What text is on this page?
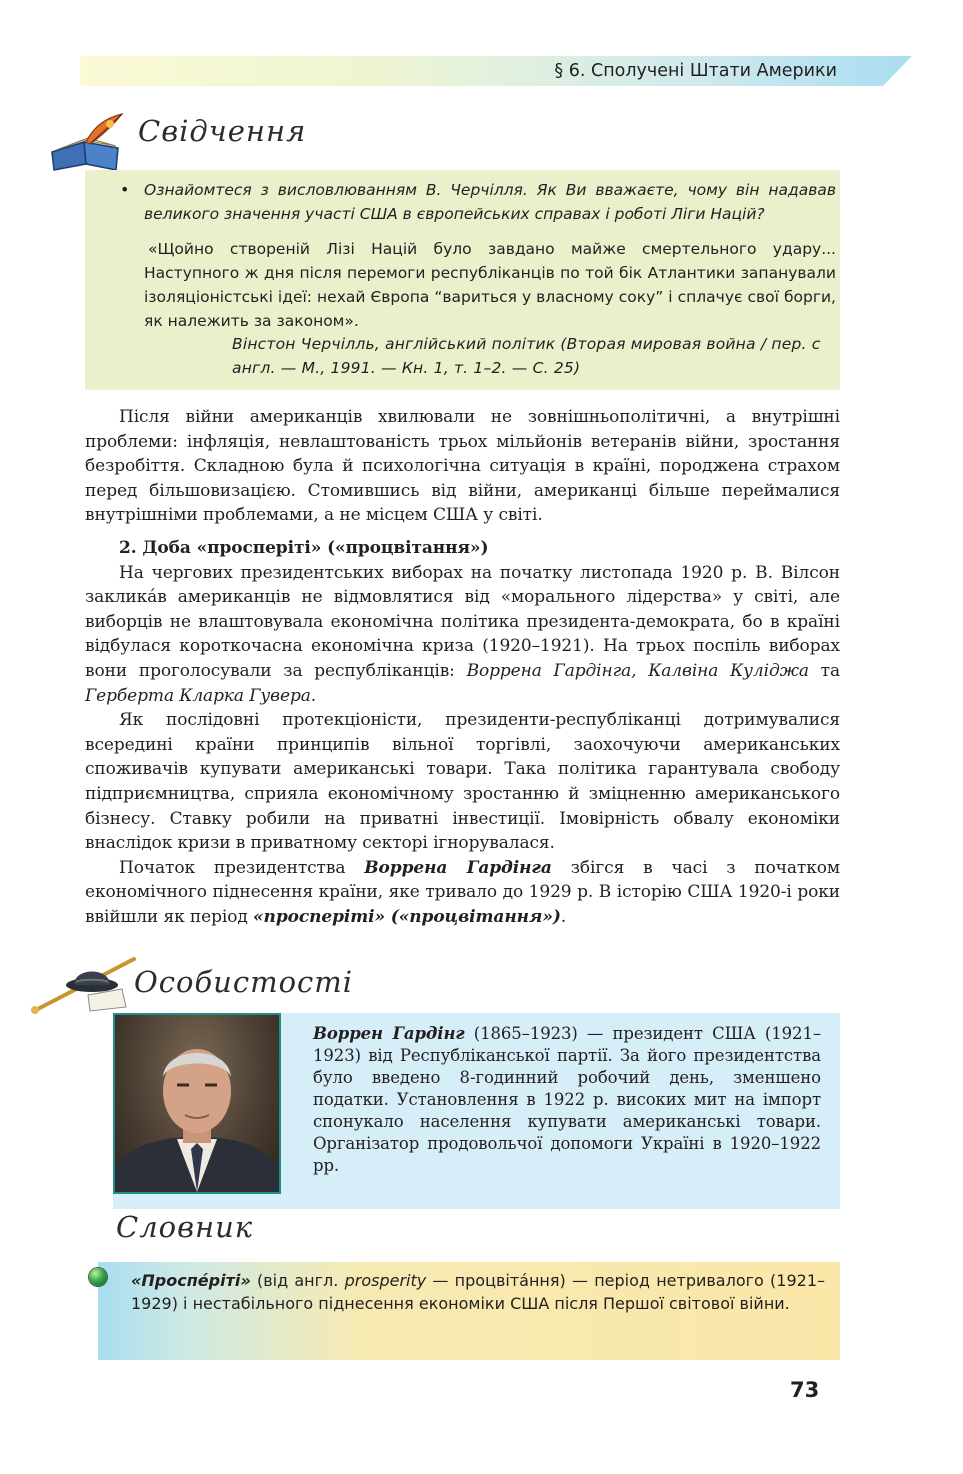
§ 6. Сполучені Штати Америки
Свідчення
• Ознайомтеся з висловлюванням В. Черчілля. Як Ви вважаєте, чому він надавав великого значення участі США в європейських справах і роботі Ліги Націй?
«Щойно створеній Лізі Націй було завдано майже смертельного удару... Наступного ж дня після перемоги республіканців по той бік Атлантики запанували ізоляціоністські ідеї: нехай Європа “вариться у власному соку” і сплачує свої борги, як належить за законом».
Вінстон Черчілль, англійський політик (Вторая мировая война / пер. с англ. — М., 1991. — Кн. 1, т. 1–2. — С. 25)

Після війни американців хвилювали не зовнішньополітичні, а внутрішні проблеми: інфляція, невлаштованість трьох мільйонів ветеранів війни, зростання безробіття. Складною була й психологічна ситуація в країні, породжена страхом перед більшовизацією. Стомившись від війни, американці більше переймалися внутрішніми проблемами, а не місцем США у світі.

2. Доба «просперіті» («процвітання»)

На чергових президентських виборах на початку листопада 1920 р. В. Вілсон закликáв американців не відмовлятися від «морального лідерства» у світі, але виборців не влаштовувала економічна політика президента-демократа, бо в країні відбулася короткочасна економічна криза (1920–1921). На трьох поспіль виборах вони проголосували за республіканців: Воррена Гардінга, Калвіна Куліджа та Герберта Кларка Гувера.

Як послідовні протекціоністи, президенти-республіканці дотримувалися всередині країни принципів вільної торгівлі, заохочуючи американських споживачів купувати американські товари. Така політика гарантувала свободу підприємництва, сприяла економічному зростанню й зміцненню американського бізнесу. Ставку робили на приватні інвестиції. Імовірність обвалу економіки внаслідок кризи в приватному секторі ігнорувалася.

Початок президентства Воррена Гардінга збігся в часі з початком економічного піднесення країни, яке тривало до 1929 р. В історію США 1920-і роки ввійшли як період «просперіті» («процвітання»).

Особистості
Воррен Гардінг (1865–1923) — президент США (1921–1923) від Республіканської партії. За його президентства було введено 8-годинний робочий день, зменшено податки. Установлення в 1922 р. високих мит на імпорт спонукало населення купувати американські товари. Організатор продовольчої допомоги Україні в 1920–1922 рр.
Словник
«Проспéріті» (від англ. prosperity — процвітáння) — період нетривалого (1921–1929) і нестабільного піднесення економіки США після Першої світової війни.
73
